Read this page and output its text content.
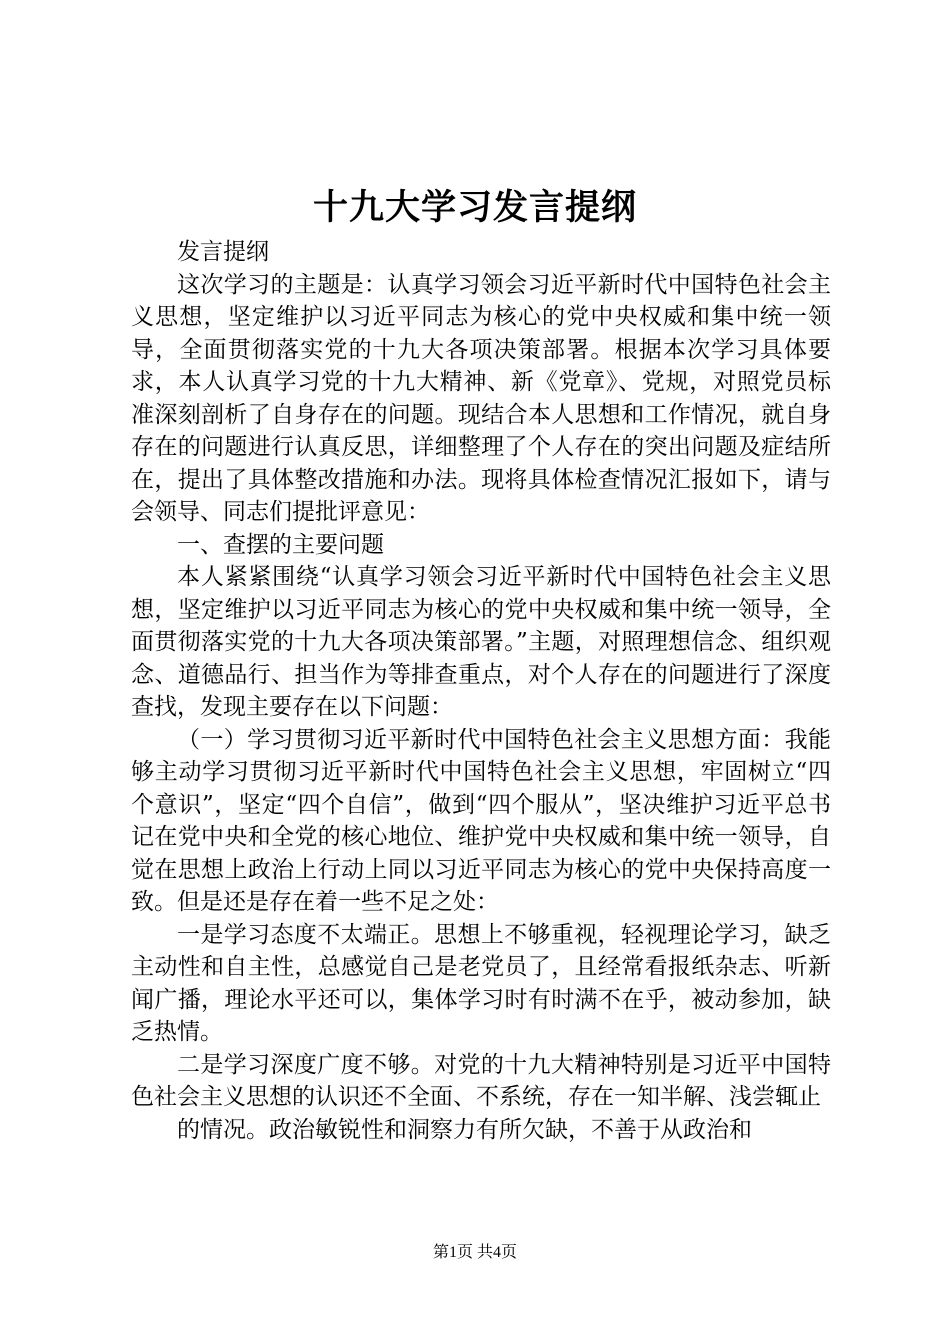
十九大学习发言提纲

发言提纲

这次学习的主题是：认真学习领会习近平新时代中国特色社会主义思想，坚定维护以习近平同志为核心的党中央权威和集中统一领导，全面贯彻落实党的十九大各项决策部署。根据本次学习具体要求，本人认真学习党的十九大精神、新《党章》、党规，对照党员标准深刻剖析了自身存在的问题。现结合本人思想和工作情况，就自身存在的问题进行认真反思，详细整理了个人存在的突出问题及症结所在，提出了具体整改措施和办法。现将具体检查情况汇报如下，请与会领导、同志们提批评意见：

一、查摆的主要问题

本人紧紧围绕“认真学习领会习近平新时代中国特色社会主义思想，坚定维护以习近平同志为核心的党中央权威和集中统一领导，全面贯彻落实党的十九大各项决策部署。”主题，对照理想信念、组织观念、道德品行、担当作为等排查重点，对个人存在的问题进行了深度查找，发现主要存在以下问题：

（一）学习贯彻习近平新时代中国特色社会主义思想方面：我能够主动学习贯彻习近平新时代中国特色社会主义思想，牢固树立“四个意识”，坚定“四个自信”，做到“四个服从”，坚决维护习近平总书记在党中央和全党的核心地位、维护党中央权威和集中统一领导，自觉在思想上政治上行动上同以习近平同志为核心的党中央保持高度一致。但是还是存在着一些不足之处：

一是学习态度不太端正。思想上不够重视，轻视理论学习，缺乏主动性和自主性，总感觉自己是老党员了，且经常看报纸杂志、听新闻广播，理论水平还可以，集体学习时有时满不在乎，被动参加，缺乏热情。

二是学习深度广度不够。对党的十九大精神特别是习近平中国特色社会主义思想的认识还不全面、不系统，存在一知半解、浅尝辄止

的情况。政治敏锐性和洞察力有所欠缺，不善于从政治和

第1页 共4页
